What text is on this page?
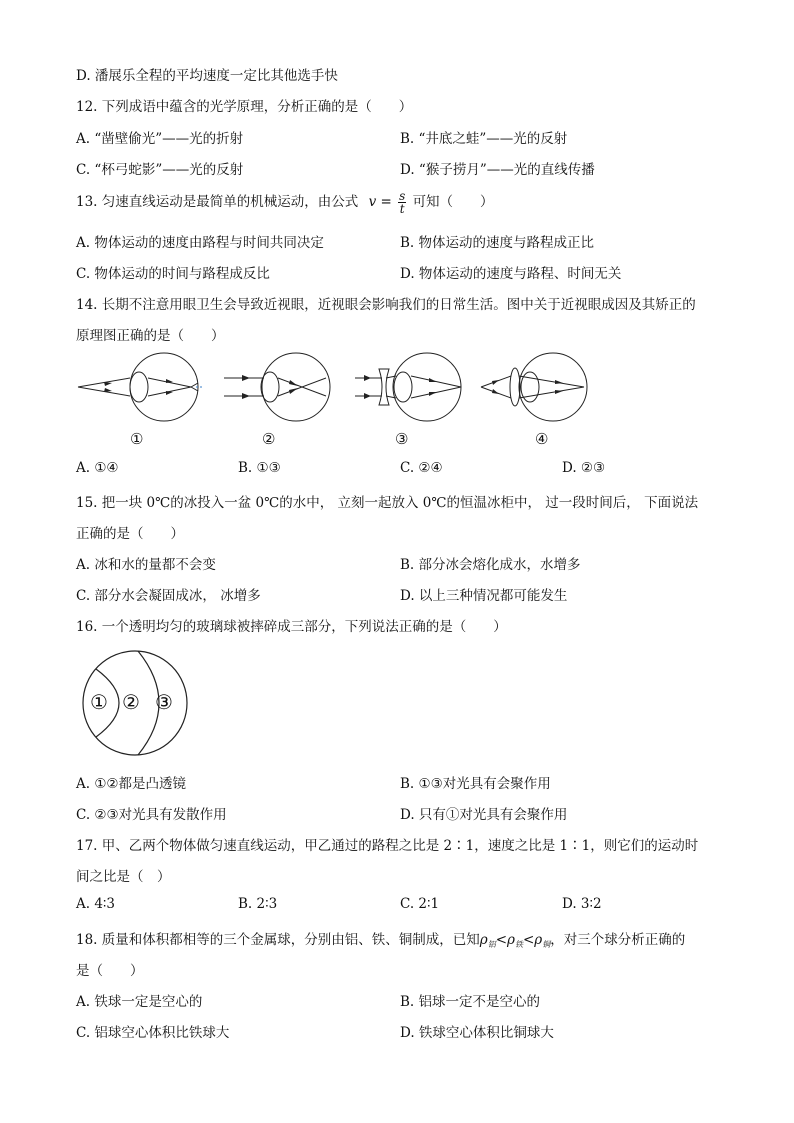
D. 潘展乐全程的平均速度一定比其他选手快
12. 下列成语中蕴含的光学原理，分析正确的是（　　）
A. “凿壁偷光”——光的折射	B. “井底之蛙”——光的反射
C. “杯弓蛇影”——光的反射	D. “猴子捞月”——光的直线传播
13. 匀速直线运动是最简单的机械运动，由公式 $v = \frac{s}{t}$ 可知（　　）
A. 物体运动的速度由路程与时间共同决定	B. 物体运动的速度与路程成正比
C. 物体运动的时间与路程成反比	D. 物体运动的速度与路程、时间无关
14. 长期不注意用眼卫生会导致近视眼，近视眼会影响我们的日常生活。图中关于近视眼成因及其矫正的
原理图正确的是（　　）
①	②	③	④
A. ①④	B. ①③	C. ②④	D. ②③
15. 把一块 0℃的冰投入一盆 0℃的水中， 立刻一起放入 0℃的恒温冰柜中， 过一段时间后， 下面说法
正确的是（　　）
A. 冰和水的量都不会变	B. 部分冰会熔化成水，水增多
C. 部分水会凝固成冰， 冰增多	D. 以上三种情况都可能发生
16. 一个透明均匀的玻璃球被摔碎成三部分，下列说法正确的是（　　）
① ② ③
A. ①②都是凸透镜	B. ①③对光具有会聚作用
C. ②③对光具有发散作用	D. 只有①对光具有会聚作用
17. 甲、乙两个物体做匀速直线运动，甲乙通过的路程之比是 2∶1，速度之比是 1∶1，则它们的运动时
间之比是（　）
A. 4∶3	B. 2∶3	C. 2∶1	D. 3∶2
18. 质量和体积都相等的三个金属球，分别由铝、铁、铜制成，已知$\rho_铝<\rho_铁<\rho_铜$，对三个球分析正确的
是（　　）
A. 铁球一定是空心的	B. 铝球一定不是空心的
C. 铝球空心体积比铁球大	D. 铁球空心体积比铜球大
